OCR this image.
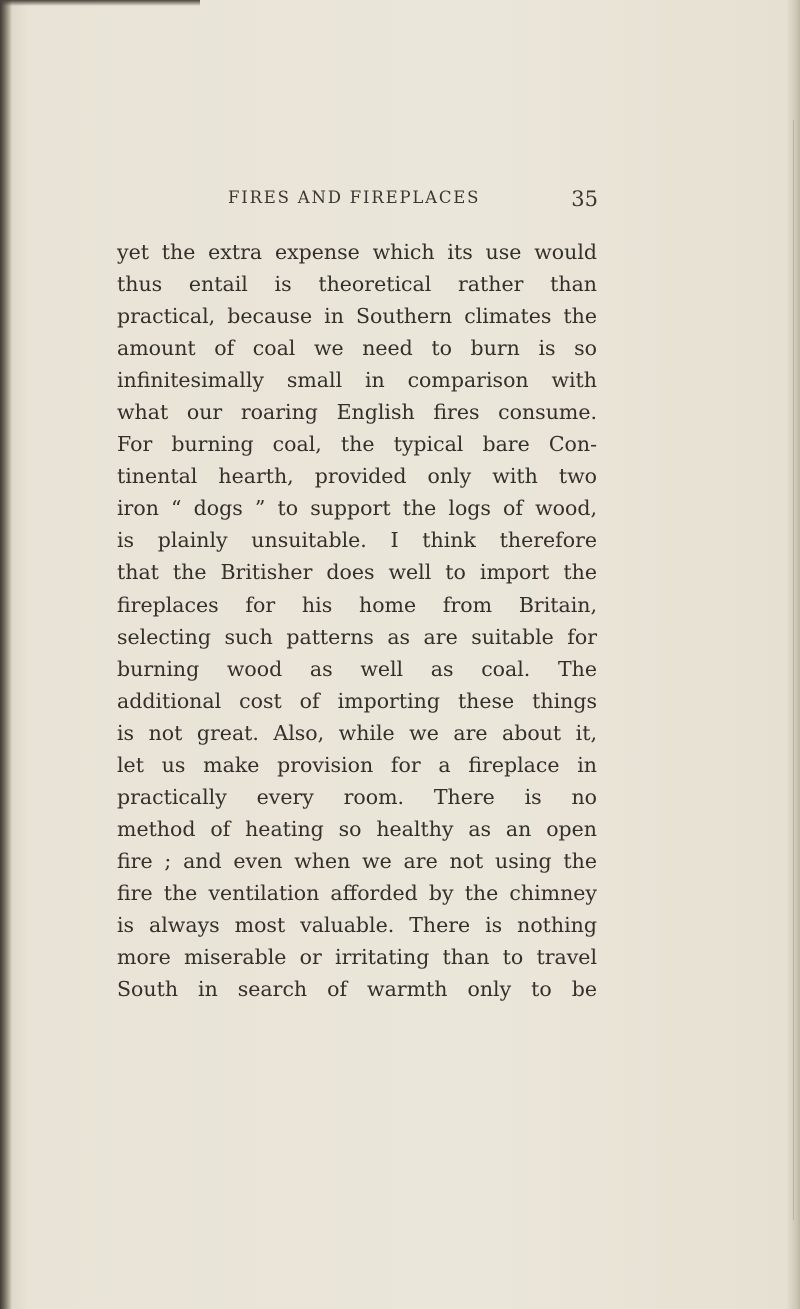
FIRES AND FIREPLACES	35
yet the extra expense which its use would
thus entail is theoretical rather than
practical, because in Southern climates the
amount of coal we need to burn is so
infinitesimally small in comparison with
what our roaring English fires consume.
For burning coal, the typical bare Con-
tinental hearth, provided only with two
iron “ dogs ” to support the logs of wood,
is plainly unsuitable. I think therefore
that the Britisher does well to import the
fireplaces for his home from Britain,
selecting such patterns as are suitable for
burning wood as well as coal. The
additional cost of importing these things
is not great. Also, while we are about it,
let us make provision for a fireplace in
practically every room. There is no
method of heating so healthy as an open
fire ; and even when we are not using the
fire the ventilation afforded by the chimney
is always most valuable. There is nothing
more miserable or irritating than to travel
South in search of warmth only to be
